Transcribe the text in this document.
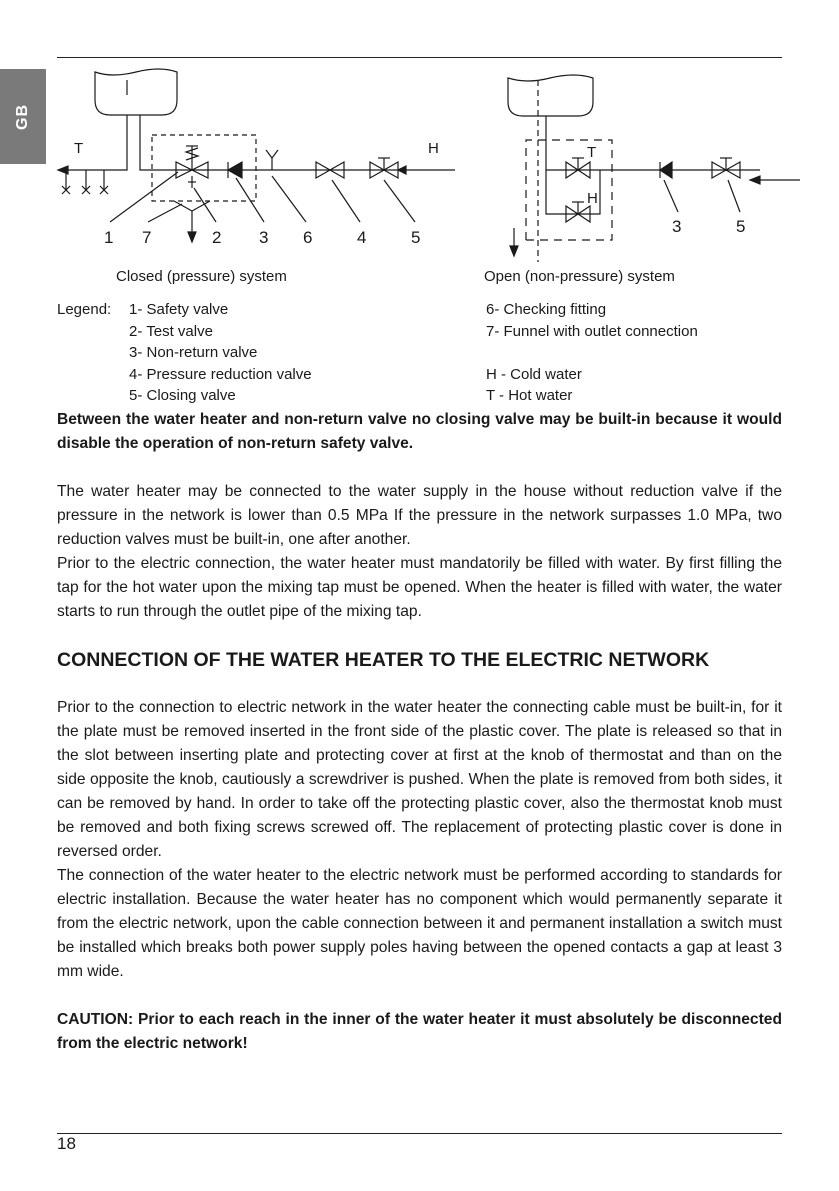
GB
T	H
1 7	2 3 6	4	5
T
H
3	5
Closed (pressure) system	Open (non-pressure) system
Legend: 1- Safety valve
2- Test valve
3- Non-return valve
4- Pressure reduction valve
5- Closing valve
6- Checking fitting
7- Funnel with outlet connection

H - Cold water
T - Hot water

Between the water heater and non-return valve no closing valve may be built-in because it would disable the operation of non-return safety valve.

The water heater may be connected to the water supply in the house without reduction valve if the pressure in the network is lower than 0.5 MPa If the pressure in the network surpasses 1.0 MPa, two reduction valves must be built-in, one after another.

Prior to the electric connection, the water heater must mandatorily be filled with water. By first filling the tap for the hot water upon the mixing tap must be opened. When the heater is filled with water, the water starts to run through the outlet pipe of the mixing tap.

CONNECTION OF THE WATER HEATER TO THE ELECTRIC NETWORK

Prior to the connection to electric network in the water heater the connecting cable must be built-in, for it the plate must be removed inserted in the front side of the plastic cover. The plate is released so that in the slot between inserting plate and protecting cover at first at the knob of thermostat and than on the side opposite the knob, cautiously a screwdriver is pushed. When the plate is removed from both sides, it can be removed by hand. In order to take off the protecting plastic cover, also the thermostat knob must be removed and both fixing screws screwed off. The replacement of protecting plastic cover is done in reversed order.

The connection of the water heater to the electric network must be performed according to standards for electric installation. Because the water heater has no component which would permanently separate it from the electric network, upon the cable connection between it and permanent installation a switch must be installed which breaks both power supply poles having between the opened contacts a gap at least 3 mm wide.

CAUTION: Prior to each reach in the inner of the water heater it must absolutely be disconnected from the electric network!

18
